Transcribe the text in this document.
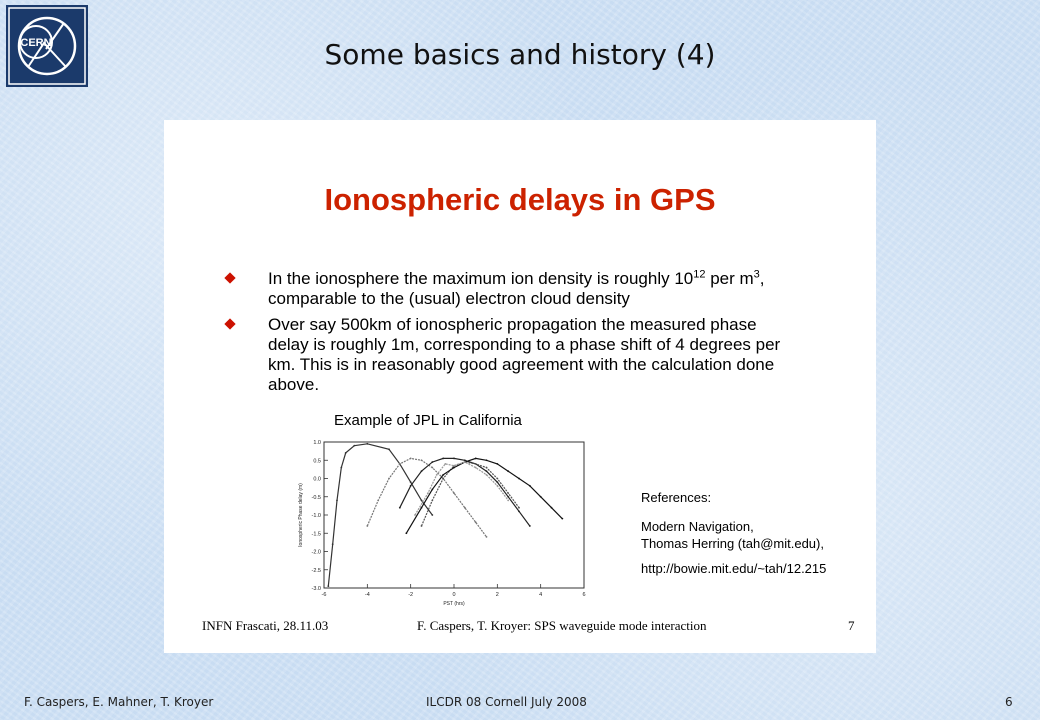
CERN	Some basics and history (4)
Ionospheric delays in GPS
In the ionosphere the maximum ion density is roughly $10^{12}$ per $m^3$, comparable to the (usual) electron cloud density
Over say 500km of ionospheric propagation the measured phase delay is roughly 1m, corresponding to a phase shift of 4 degrees per km. This is in reasonably good agreement with the calculation done above.
Example of JPL in California
-3.0
-2.5
-2.0
-1.5
-1.0
-0.5
0.0
0.5
1.0
-6	-4	-2	0	2	4	6
PST (hrs)
Ionospheric Phase delay (m)	References:
Modern Navigation,
Thomas Herring (tah@mit.edu),
http://bowie.mit.edu/~tah/12.215
INFN Frascati, 28.11.03	F. Caspers, T. Kroyer: SPS waveguide mode interaction	7
F. Caspers, E. Mahner, T. Kroyer	ILCDR 08 Cornell July 2008	6
